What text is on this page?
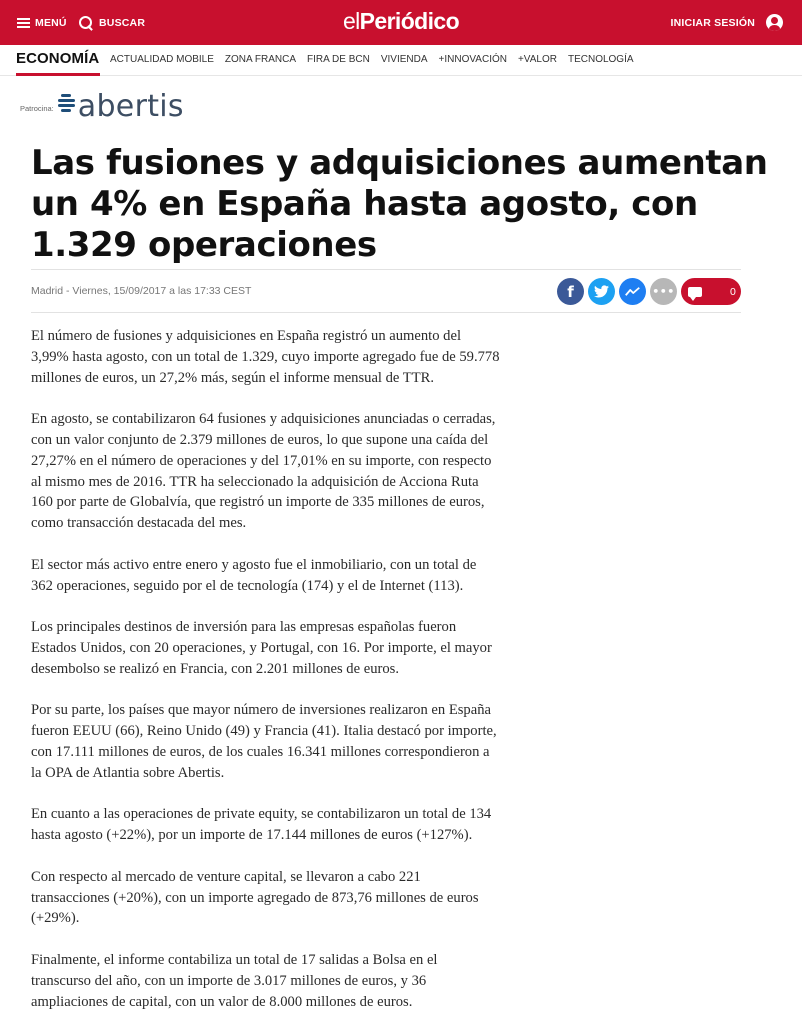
MENÚ	BUSCAR	elPeriódico	INICIAR SESIÓN
ECONOMÍA ACTUALIDAD MOBILE ZONA FRANCA FIRA DE BCN VIVIENDA +INNOVACIÓN +VALOR TECNOLOGÍA
Patrocina: abertis
Las fusiones y adquisiciones aumentan un 4% en España hasta agosto, con 1.329 operaciones
Madrid - Viernes, 15/09/2017 a las 17:33 CEST	f	•••	0

El número de fusiones y adquisiciones en España registró un aumento del 3,99% hasta agosto, con un total de 1.329, cuyo importe agregado fue de 59.778 millones de euros, un 27,2% más, según el informe mensual de TTR.

En agosto, se contabilizaron 64 fusiones y adquisiciones anunciadas o cerradas, con un valor conjunto de 2.379 millones de euros, lo que supone una caída del 27,27% en el número de operaciones y del 17,01% en su importe, con respecto al mismo mes de 2016. TTR ha seleccionado la adquisición de Acciona Ruta 160 por parte de Globalvía, que registró un importe de 335 millones de euros, como transacción destacada del mes.

El sector más activo entre enero y agosto fue el inmobiliario, con un total de 362 operaciones, seguido por el de tecnología (174) y el de Internet (113).

Los principales destinos de inversión para las empresas españolas fueron Estados Unidos, con 20 operaciones, y Portugal, con 16. Por importe, el mayor desembolso se realizó en Francia, con 2.201 millones de euros.

Por su parte, los países que mayor número de inversiones realizaron en España fueron EEUU (66), Reino Unido (49) y Francia (41). Italia destacó por importe, con 17.111 millones de euros, de los cuales 16.341 millones correspondieron a la OPA de Atlantia sobre Abertis.

En cuanto a las operaciones de private equity, se contabilizaron un total de 134 hasta agosto (+22%), por un importe de 17.144 millones de euros (+127%).

Con respecto al mercado de venture capital, se llevaron a cabo 221 transacciones (+20%), con un importe agregado de 873,76 millones de euros (+29%).

Finalmente, el informe contabiliza un total de 17 salidas a Bolsa en el transcurso del año, con un importe de 3.017 millones de euros, y 36 ampliaciones de capital, con un valor de 8.000 millones de euros.
